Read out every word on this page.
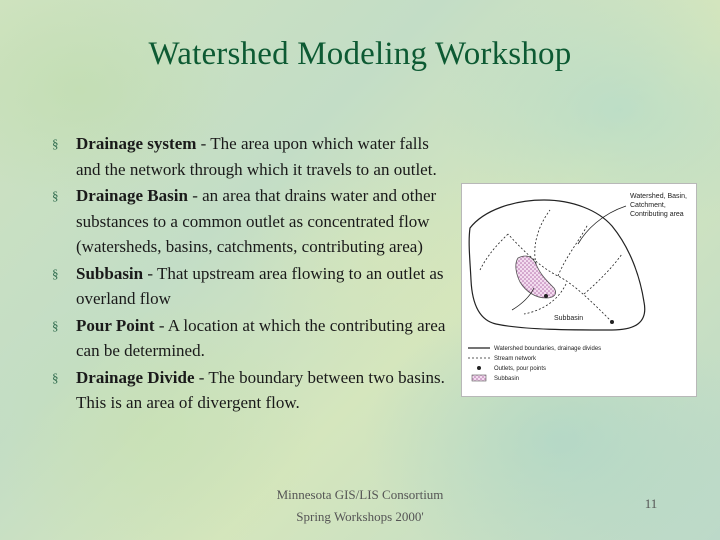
Watershed Modeling Workshop
§ Drainage system - The area upon which water falls and the network through which it travels to an outlet.
§ Drainage Basin - an area that drains water and other substances to a common outlet as concentrated flow (watersheds, basins, catchments, contributing area)
§ Subbasin - That upstream area flowing to an outlet as overland flow
§ Pour Point - A location at which the contributing area can be determined.
§ Drainage Divide - The boundary between two basins. This is an area of divergent flow.
Watershed, Basin, Catchment, Contributing area
Subbasin
Watershed boundaries, drainage divides
Stream network
Outlets, pour points
Subbasin
Minnesota GIS/LIS Consortium
Spring Workshops 2000'
11
